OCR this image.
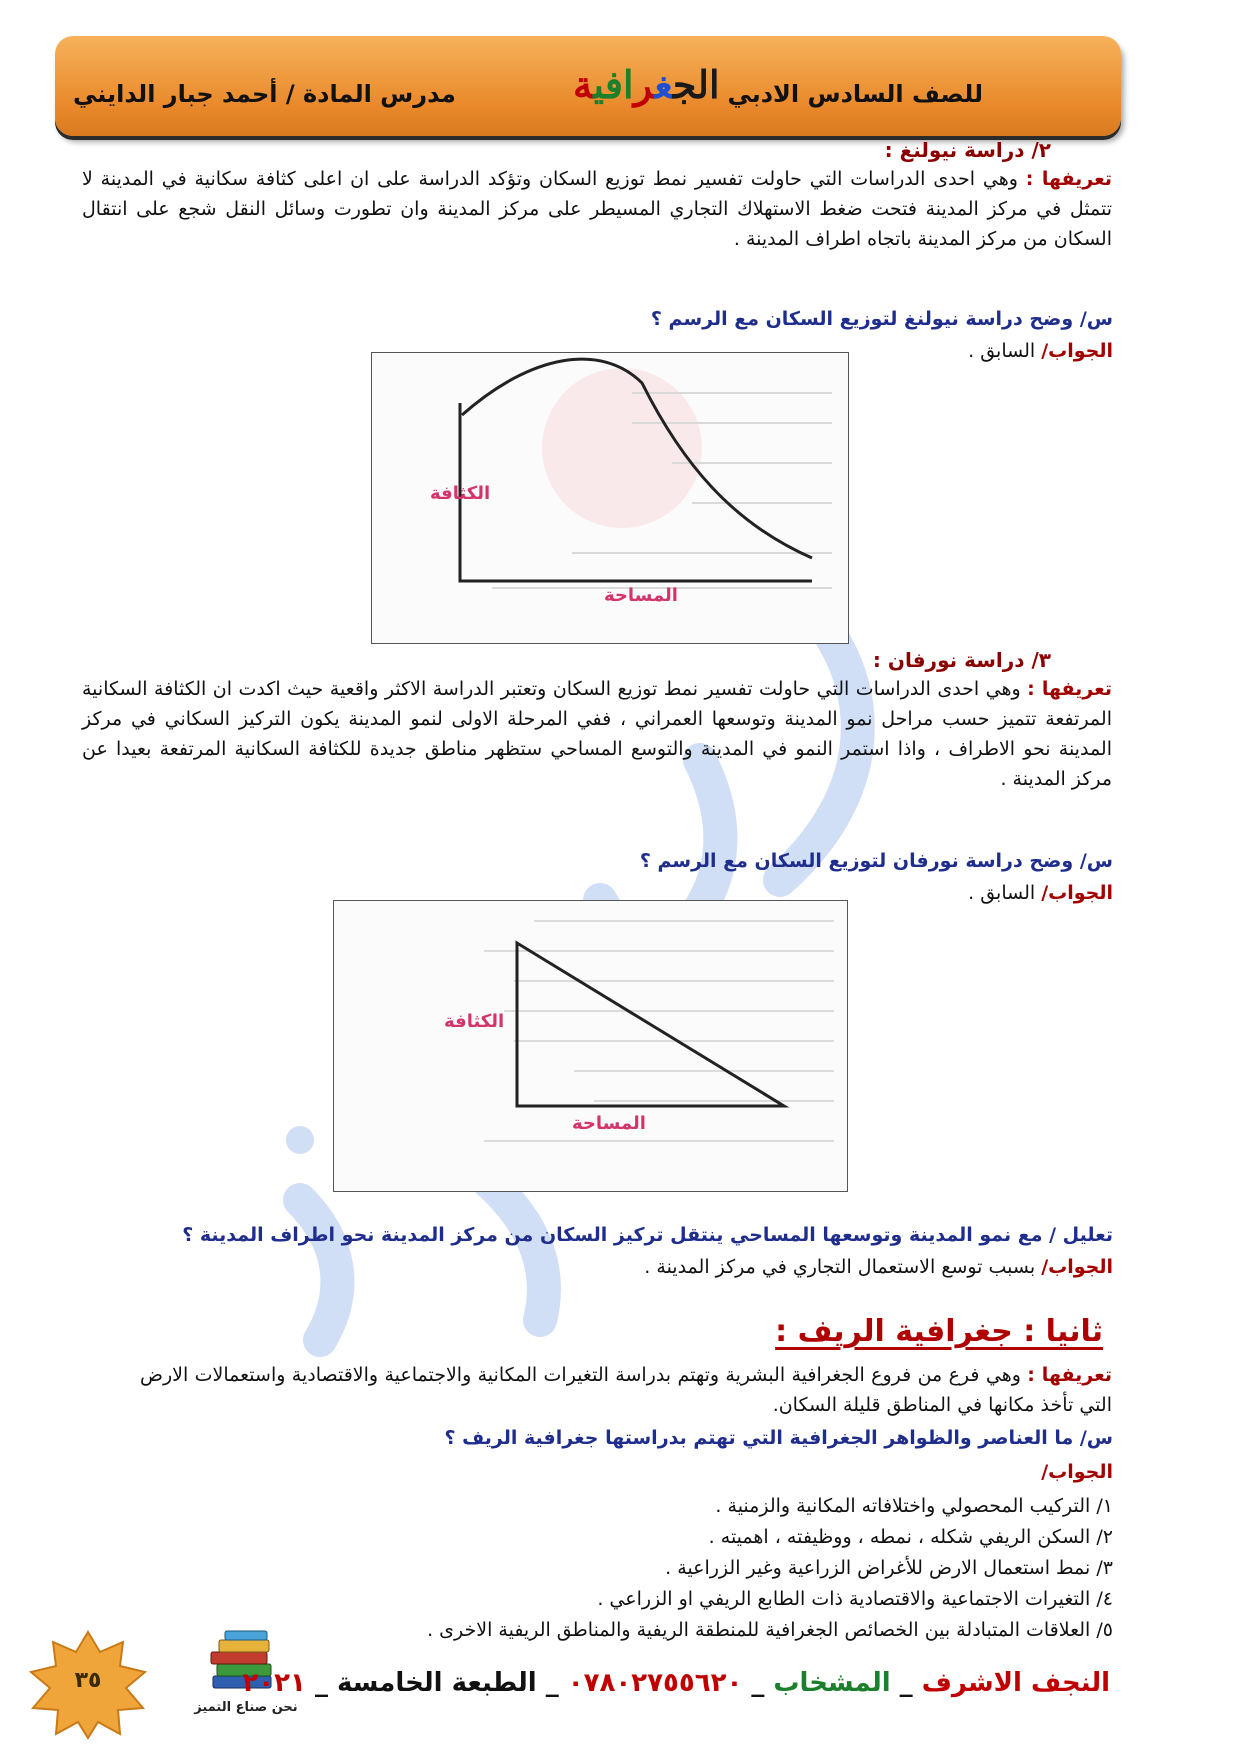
للصف السادس الادبي
الجغرافية
مدرس المادة / أحمد جبار الدايني
٢/ دراسة نيولنغ :
تعريفها : وهي احدى الدراسات التي حاولت تفسير نمط توزيع السكان وتؤكد الدراسة على ان اعلى كثافة سكانية في المدينة لا تتمثل في مركز المدينة فتحت ضغط الاستهلاك التجاري المسيطر على مركز المدينة وان تطورت وسائل النقل شجع على انتقال السكان من مركز المدينة باتجاه اطراف المدينة .
س/ وضح دراسة نيولنغ لتوزيع السكان مع الرسم ؟
الجواب/ السابق .
الكثافة
المساحة
٣/ دراسة نورفان :
تعريفها : وهي احدى الدراسات التي حاولت تفسير نمط توزيع السكان وتعتبر الدراسة الاكثر واقعية حيث اكدت ان الكثافة السكانية المرتفعة تتميز حسب مراحل نمو المدينة وتوسعها العمراني ، ففي المرحلة الاولى لنمو المدينة يكون التركيز السكاني في مركز المدينة نحو الاطراف ، واذا استمر النمو في المدينة والتوسع المساحي ستظهر مناطق جديدة للكثافة السكانية المرتفعة بعيدا عن مركز المدينة .
س/ وضح دراسة نورفان لتوزيع السكان مع الرسم ؟
الجواب/ السابق .
الكثافة
المساحة
تعليل / مع نمو المدينة وتوسعها المساحي ينتقل تركيز السكان من مركز المدينة نحو اطراف المدينة ؟
الجواب/ بسبب توسع الاستعمال التجاري في مركز المدينة .
ثانيا : جغرافية الريف :
تعريفها : وهي فرع من فروع الجغرافية البشرية وتهتم بدراسة التغيرات المكانية والاجتماعية والاقتصادية واستعمالات الارض التي تأخذ مكانها في المناطق قليلة السكان.
س/ ما العناصر والظواهر الجغرافية التي تهتم بدراستها جغرافية الريف ؟
الجواب/
١/ التركيب المحصولي واختلافاته المكانية والزمنية .
٢/ السكن الريفي شكله ، نمطه ، ووظيفته ، اهميته .
٣/ نمط استعمال الارض للأغراض الزراعية وغير الزراعية .
٤/ التغيرات الاجتماعية والاقتصادية ذات الطابع الريفي او الزراعي .
٥/ العلاقات المتبادلة بين الخصائص الجغرافية للمنطقة الريفية والمناطق الريفية الاخرى .
٣٥
نحن صناع التميز
النجف الاشرف _ المشخاب _ ٠٧٨٠٢٧٥٥٦٢٠ _ الطبعة الخامسة _ ٢٠٢١
